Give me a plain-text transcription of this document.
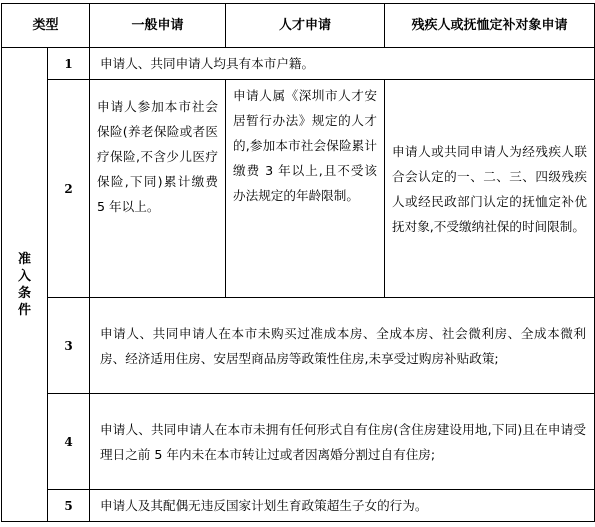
类型		一般申请	人才申请	残疾人或抚恤定补对象申请

准
入
条
件	1	申请人、共同申请人均具有本市户籍。		
	2	申请人参加本市社会保险(养老保险或者医疗保险,不含少儿医疗保险,下同)累计缴费 5 年以上。	申请人属《深圳市人才安居暂行办法》规定的人才的,参加本市社会保险累计缴费 3 年以上,且不受该办法规定的年龄限制。	申请人或共同申请人为经残疾人联合会认定的一、二、三、四级残疾人或经民政部门认定的抚恤定补优抚对象,不受缴纳社保的时间限制。
	3	申请人、共同申请人在本市未购买过准成本房、全成本房、社会微利房、全成本微利房、经济适用住房、安居型商品房等政策性住房,未享受过购房补贴政策;		
	4	申请人、共同申请人在本市未拥有任何形式自有住房(含住房建设用地,下同)且在申请受理日之前 5 年内未在本市转让过或者因离婚分割过自有住房;		
	5	申请人及其配偶无违反国家计划生育政策超生子女的行为。		
